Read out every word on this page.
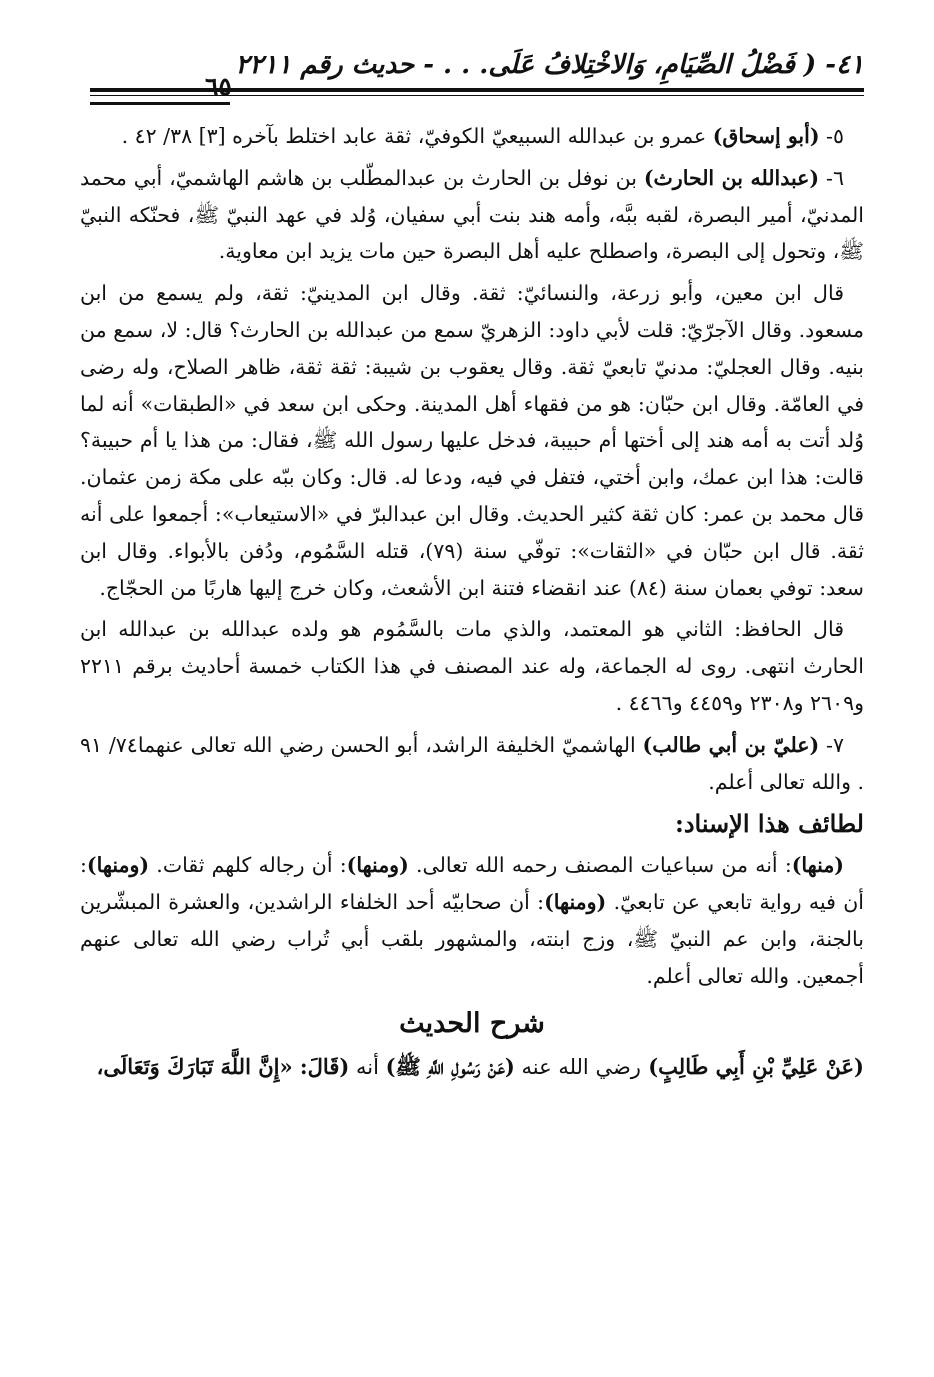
٤١- ( فَضْلُ الصِّيَامِ، وَالاخْتِلافُ عَلَى. . . - حديث رقم ٢٢١١
٦٥

٥- (أبو إسحاق) عمرو بن عبدالله السبيعيّ الكوفيّ، ثقة عابد اختلط بآخره [٣] ٣٨/ ٤٢ .

٦- (عبدالله بن الحارث) بن نوفل بن الحارث بن عبدالمطّلب بن هاشم الهاشميّ، أبي محمد المدنيّ، أمير البصرة، لقبه ببَّه، وأمه هند بنت أبي سفيان، وُلد في عهد النبيّ ﷺ، فحنّكه النبيّ ﷺ، وتحول إلى البصرة، واصطلح عليه أهل البصرة حين مات يزيد ابن معاوية.

قال ابن معين، وأبو زرعة، والنسائيّ: ثقة. وقال ابن المدينيّ: ثقة، ولم يسمع من ابن مسعود. وقال الآجرّيّ: قلت لأبي داود: الزهريّ سمع من عبدالله بن الحارث؟ قال: لا، سمع من بنيه. وقال العجليّ: مدنيّ تابعيّ ثقة. وقال يعقوب بن شيبة: ثقة ثقة، ظاهر الصلاح، وله رضى في العامّة. وقال ابن حبّان: هو من فقهاء أهل المدينة. وحكى ابن سعد في «الطبقات» أنه لما وُلد أتت به أمه هند إلى أختها أم حبيبة، فدخل عليها رسول الله ﷺ، فقال: من هذا يا أم حبيبة؟ قالت: هذا ابن عمك، وابن أختي، فتفل في فيه، ودعا له. قال: وكان ببّه على مكة زمن عثمان. قال محمد بن عمر: كان ثقة كثير الحديث. وقال ابن عبدالبرّ في «الاستيعاب»: أجمعوا على أنه ثقة. قال ابن حبّان في «الثقات»: توفّي سنة (٧٩)، قتله السَّمُوم، ودُفن بالأبواء. وقال ابن سعد: توفي بعمان سنة (٨٤) عند انقضاء فتنة ابن الأشعث، وكان خرج إليها هاربًا من الحجّاج.

قال الحافظ: الثاني هو المعتمد، والذي مات بالسَّمُوم هو ولده عبدالله بن عبدالله ابن الحارث انتهى. روى له الجماعة، وله عند المصنف في هذا الكتاب خمسة أحاديث برقم ٢٢١١ و٢٦٠٩ و٢٣٠٨ و٤٤٥٩ و٤٤٦٦ .

٧- (عليّ بن أبي طالب) الهاشميّ الخليفة الراشد، أبو الحسن رضي الله تعالى عنهما٧٤/ ٩١ . والله تعالى أعلم.

لطائف هذا الإسناد:

(منها): أنه من سباعيات المصنف رحمه الله تعالى. (ومنها): أن رجاله كلهم ثقات. (ومنها): أن فيه رواية تابعي عن تابعيّ. (ومنها): أن صحابيّه أحد الخلفاء الراشدين، والعشرة المبشّرين بالجنة، وابن عم النبيّ ﷺ، وزج ابنته، والمشهور بلقب أبي تُراب رضي الله تعالى عنهم أجمعين. والله تعالى أعلم.

شرح الحديث

(عَنْ عَلِيِّ بْنِ أَبِي طَالِبٍ) رضي الله عنه (عَنْ رَسُولِ اللَّهِ ﷺ) أنه (قَالَ: «إِنَّ اللَّهَ تَبَارَكَ وَتَعَالَى،
